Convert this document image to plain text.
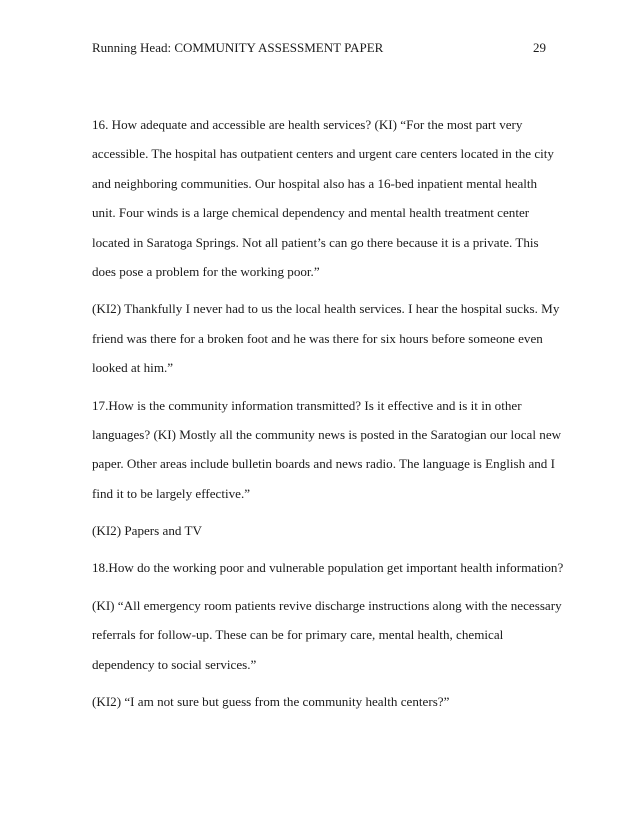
Running Head: COMMUNITY ASSESSMENT PAPER	29

16. How adequate and accessible are health services? (KI) “For the most part very
accessible. The hospital has outpatient centers and urgent care centers located in the city
and neighboring communities. Our hospital also has a 16-bed inpatient mental health
unit. Four winds is a large chemical dependency and mental health treatment center
located in Saratoga Springs. Not all patient’s can go there because it is a private. This
does pose a problem for the working poor.”

(KI2) Thankfully I never had to us the local health services. I hear the hospital sucks. My
friend was there for a broken foot and he was there for six hours before someone even
looked at him.”

17.How is the community information transmitted? Is it effective and is it in other
languages? (KI) Mostly all the community news is posted in the Saratogian our local new
paper. Other areas include bulletin boards and news radio. The language is English and I
find it to be largely effective.”

(KI2) Papers and TV

18.How do the working poor and vulnerable population get important health information?

(KI) “All emergency room patients revive discharge instructions along with the necessary
referrals for follow-up. These can be for primary care, mental health, chemical
dependency to social services.”

(KI2) “I am not sure but guess from the community health centers?”
